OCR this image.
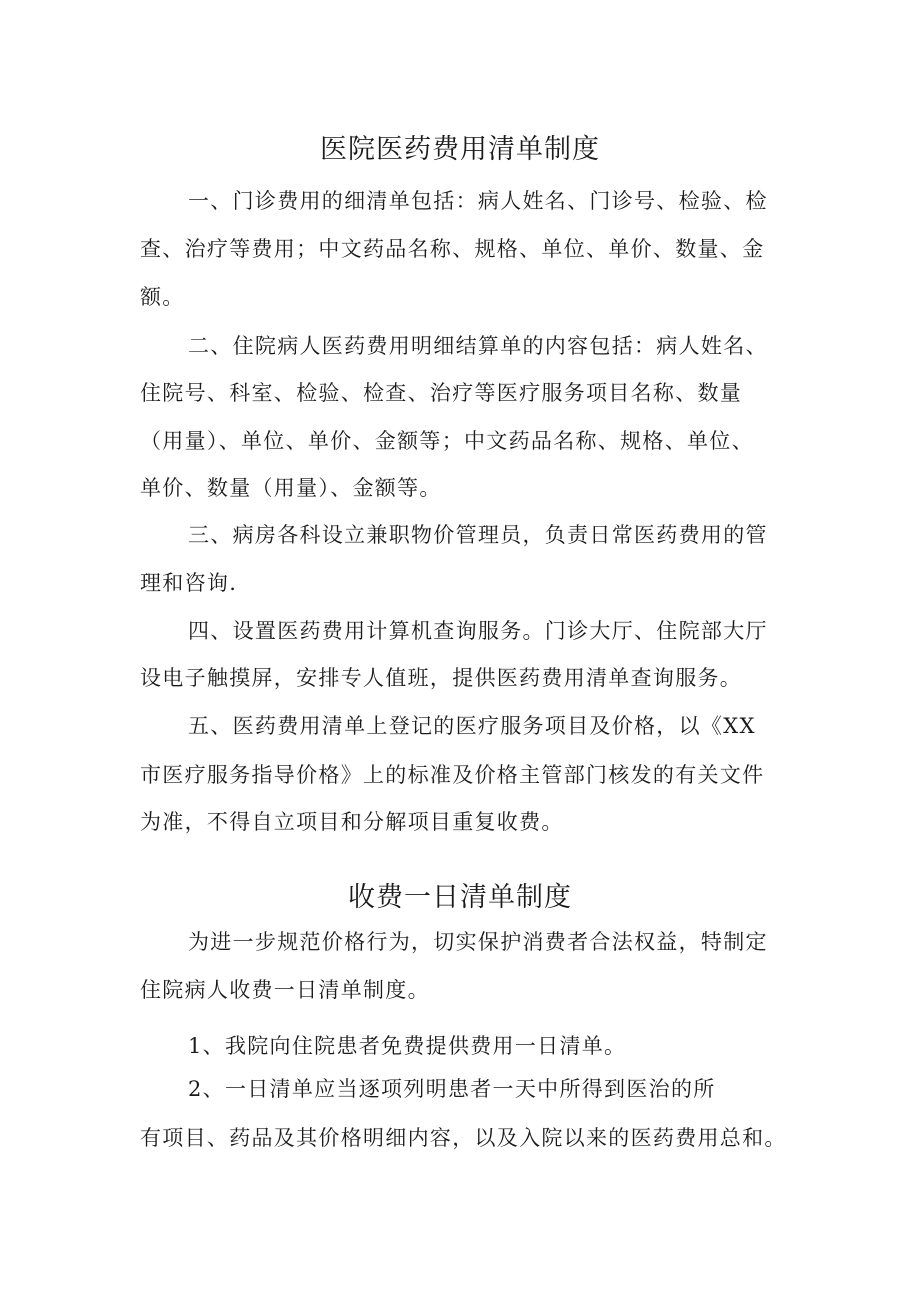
医院医药费用清单制度
一、门诊费用的细清单包括：病人姓名、门诊号、检验、检
查、治疗等费用；中文药品名称、规格、单位、单价、数量、金
额。
二、住院病人医药费用明细结算单的内容包括：病人姓名、
住院号、科室、检验、检查、治疗等医疗服务项目名称、数量
（用量）、单位、单价、金额等；中文药品名称、规格、单位、
单价、数量（用量）、金额等。
三、病房各科设立兼职物价管理员，负责日常医药费用的管
理和咨询.
四、设置医药费用计算机查询服务。门诊大厅、住院部大厅
设电子触摸屏，安排专人值班，提供医药费用清单查询服务。
五、医药费用清单上登记的医疗服务项目及价格，以《XX
市医疗服务指导价格》上的标准及价格主管部门核发的有关文件
为准，不得自立项目和分解项目重复收费。
收费一日清单制度
为进一步规范价格行为，切实保护消费者合法权益，特制定
住院病人收费一日清单制度。
1、我院向住院患者免费提供费用一日清单。
2、一日清单应当逐项列明患者一天中所得到医治的所
有项目、药品及其价格明细内容，以及入院以来的医药费用总和。
